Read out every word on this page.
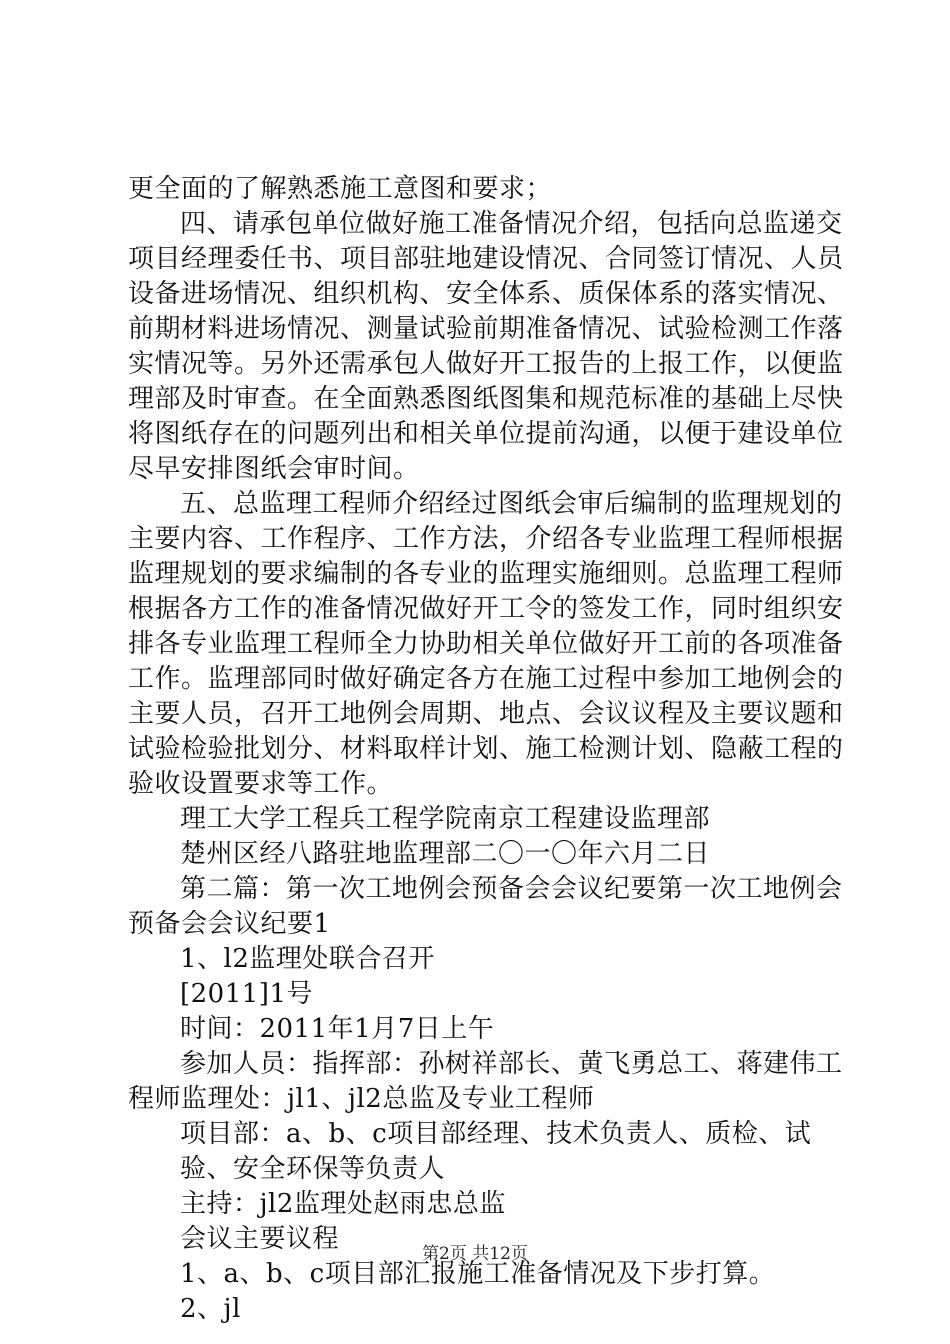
更全面的了解熟悉施工意图和要求；
四、请承包单位做好施工准备情况介绍，包括向总监递交
项目经理委任书、项目部驻地建设情况、合同签订情况、人员
设备进场情况、组织机构、安全体系、质保体系的落实情况、
前期材料进场情况、测量试验前期准备情况、试验检测工作落
实情况等。另外还需承包人做好开工报告的上报工作，以便监
理部及时审查。在全面熟悉图纸图集和规范标准的基础上尽快
将图纸存在的问题列出和相关单位提前沟通，以便于建设单位
尽早安排图纸会审时间。
五、总监理工程师介绍经过图纸会审后编制的监理规划的
主要内容、工作程序、工作方法，介绍各专业监理工程师根据
监理规划的要求编制的各专业的监理实施细则。总监理工程师
根据各方工作的准备情况做好开工令的签发工作，同时组织安
排各专业监理工程师全力协助相关单位做好开工前的各项准备
工作。监理部同时做好确定各方在施工过程中参加工地例会的
主要人员，召开工地例会周期、地点、会议议程及主要议题和
试验检验批划分、材料取样计划、施工检测计划、隐蔽工程的
验收设置要求等工作。
理工大学工程兵工程学院南京工程建设监理部
楚州区经八路驻地监理部二〇一〇年六月二日
第二篇：第一次工地例会预备会会议纪要第一次工地例会
预备会会议纪要1
1、l2监理处联合召开
[2011]1号
时间：2011年1月7日上午
参加人员：指挥部：孙树祥部长、黄飞勇总工、蒋建伟工
程师监理处：jl1、jl2总监及专业工程师
项目部：a、b、c项目部经理、技术负责人、质检、试
验、安全环保等负责人
主持：jl2监理处赵雨忠总监
会议主要议程
1、a、b、c项目部汇报施工准备情况及下步打算。
2、jl
第2页 共12页
